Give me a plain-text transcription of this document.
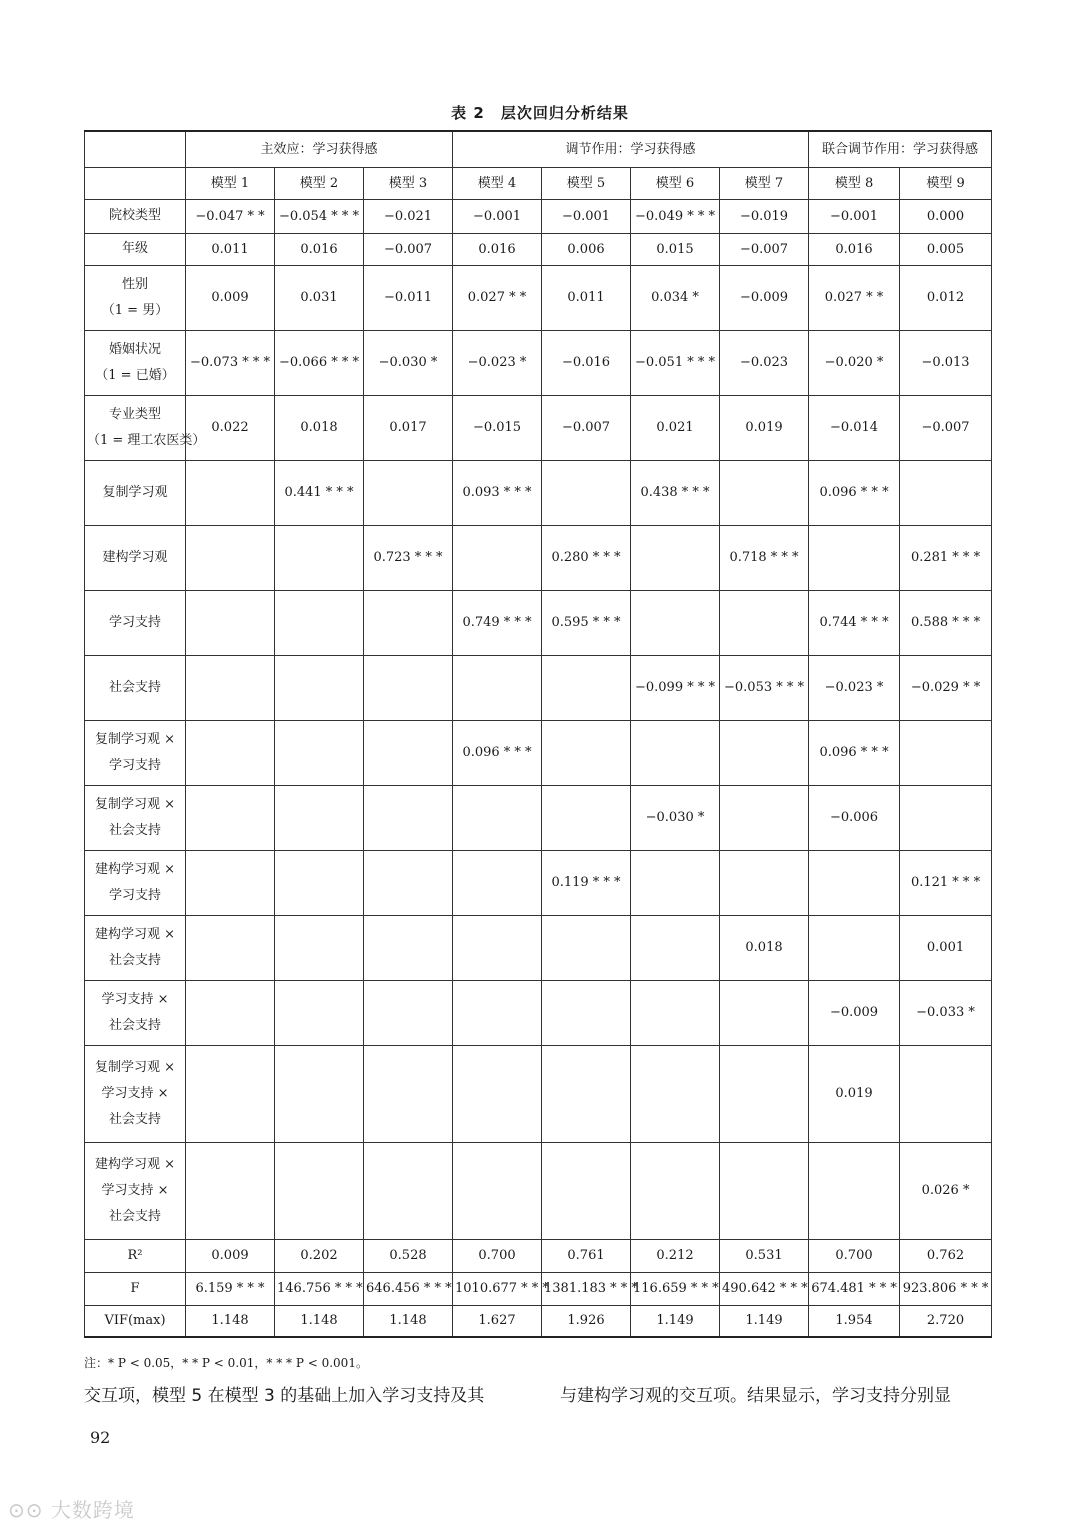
表 2　层次回归分析结果
	主效应：学习获得感			调节作用：学习获得感				联合调节作用：学习获得感	
	模型 1	模型 2	模型 3	模型 4	模型 5	模型 6	模型 7	模型 8	模型 9

院校类型	−0.047 * *	−0.054 * * *	−0.021	−0.001	−0.001	−0.049 * * *	−0.019	−0.001	0.000

年级	0.011	0.016	−0.007	0.016	0.006	0.015	−0.007	0.016	0.005

性别
（1 = 男）	0.009	0.031	−0.011	0.027 * *	0.011	0.034 *	−0.009	0.027 * *	0.012

婚姻状况
（1 = 已婚）	−0.073 * * *	−0.066 * * *	−0.030 *	−0.023 *	−0.016	−0.051 * * *	−0.023	−0.020 *	−0.013

专业类型
（1 = 理工农医类）	0.022	0.018	0.017	−0.015	−0.007	0.021	0.019	−0.014	−0.007

复制学习观		0.441 * * *		0.093 * * *		0.438 * * *		0.096 * * *	

建构学习观			0.723 * * *		0.280 * * *		0.718 * * *		0.281 * * *

学习支持				0.749 * * *	0.595 * * *			0.744 * * *	0.588 * * *

社会支持						−0.099 * * *	−0.053 * * *	−0.023 *	−0.029 * *

复制学习观 ×
学习支持				0.096 * * *				0.096 * * *	

复制学习观 ×
社会支持						−0.030 *		−0.006	

建构学习观 ×
学习支持					0.119 * * *				0.121 * * *

建构学习观 ×
社会支持							0.018		0.001

学习支持 ×
社会支持								−0.009	−0.033 *

复制学习观 ×
学习支持 ×
社会支持								0.019	

建构学习观 ×
学习支持 ×
社会支持									0.026 *

R²	0.009	0.202	0.528	0.700	0.761	0.212	0.531	0.700	0.762

F	6.159 * * *	146.756 * * *	646.456 * * *	1010.677 * * *	1381.183 * * *	116.659 * * *	490.642 * * *	674.481 * * *	923.806 * * *

VIF(max)	1.148	1.148	1.148	1.627	1.926	1.149	1.149	1.954	2.720
注：* P < 0.05，* * P < 0.01，* * * P < 0.001。
交互项，模型 5 在模型 3 的基础上加入学习支持及其	与建构学习观的交互项。结果显示，学习支持分别显
92
⊙⊙ 大数跨境
